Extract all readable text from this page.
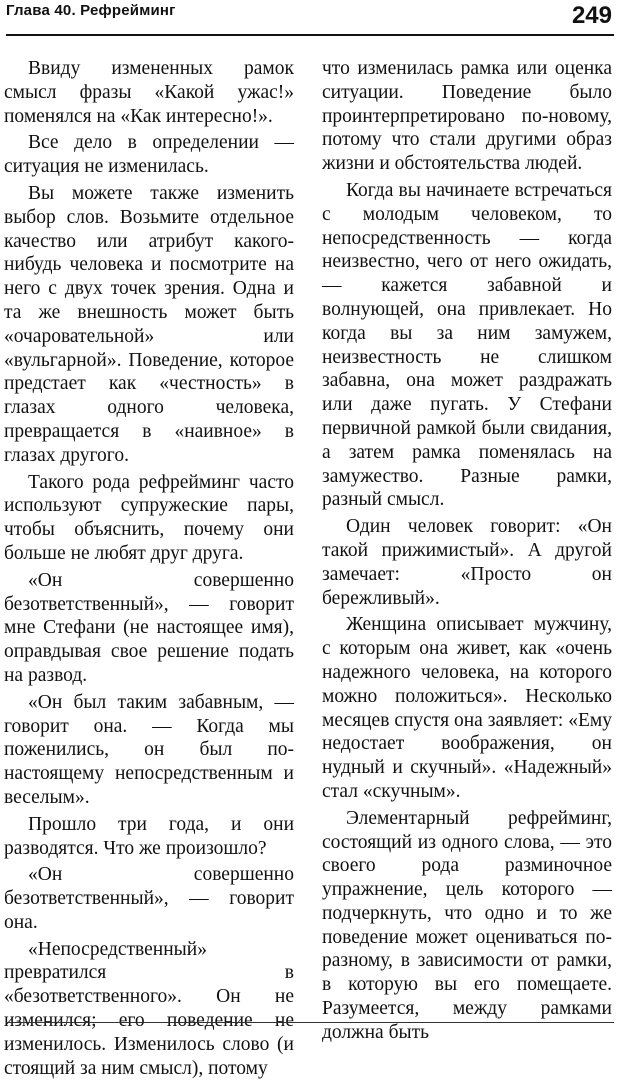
Глава 40. Рефрейминг	249

Ввиду измененных рамок смысл фразы «Какой ужас!» поменялся на «Как интересно!».

Все дело в определении — ситуация не изменилась.

Вы можете также изменить выбор слов. Возьмите отдельное качество или атрибут какого-нибудь человека и посмотрите на него с двух точек зрения. Одна и та же внешность может быть «очаровательной» или «вульгарной». Поведение, которое предстает как «честность» в глазах одного человека, превращается в «наивное» в глазах другого.

Такого рода рефрейминг часто используют супружеские пары, чтобы объяснить, почему они больше не любят друг друга.

«Он совершенно безответственный», — говорит мне Стефани (не настоящее имя), оправдывая свое решение подать на развод.

«Он был таким забавным, — говорит она. — Когда мы поженились, он был по-настоящему непосредственным и веселым».

Прошло три года, и они разводятся. Что же произошло?

«Он совершенно безответственный», — говорит она.

«Непосредственный» превратился в «безответственного». Он не изменился; его поведение не изменилось. Изменилось слово (и стоящий за ним смысл), потому

что изменилась рамка или оценка ситуации. Поведение было проинтерпретировано по-новому, потому что стали другими образ жизни и обстоятельства людей.

Когда вы начинаете встречаться с молодым человеком, то непосредственность — когда неизвестно, чего от него ожидать, — кажется забавной и волнующей, она привлекает. Но когда вы за ним замужем, неизвестность не слишком забавна, она может раздражать или даже пугать. У Стефани первичной рамкой были свидания, а затем рамка поменялась на замужество. Разные рамки, разный смысл.

Один человек говорит: «Он такой прижимистый». А другой замечает: «Просто он бережливый».

Женщина описывает мужчину, с которым она живет, как «очень надежного человека, на которого можно положиться». Несколько месяцев спустя она заявляет: «Ему недостает воображения, он нудный и скучный». «Надежный» стал «скучным».

Элементарный рефрейминг, состоящий из одного слова, — это своего рода разминочное упражнение, цель которого — подчеркнуть, что одно и то же поведение может оцениваться по-разному, в зависимости от рамки, в которую вы его помещаете. Разумеется, между рамками должна быть
